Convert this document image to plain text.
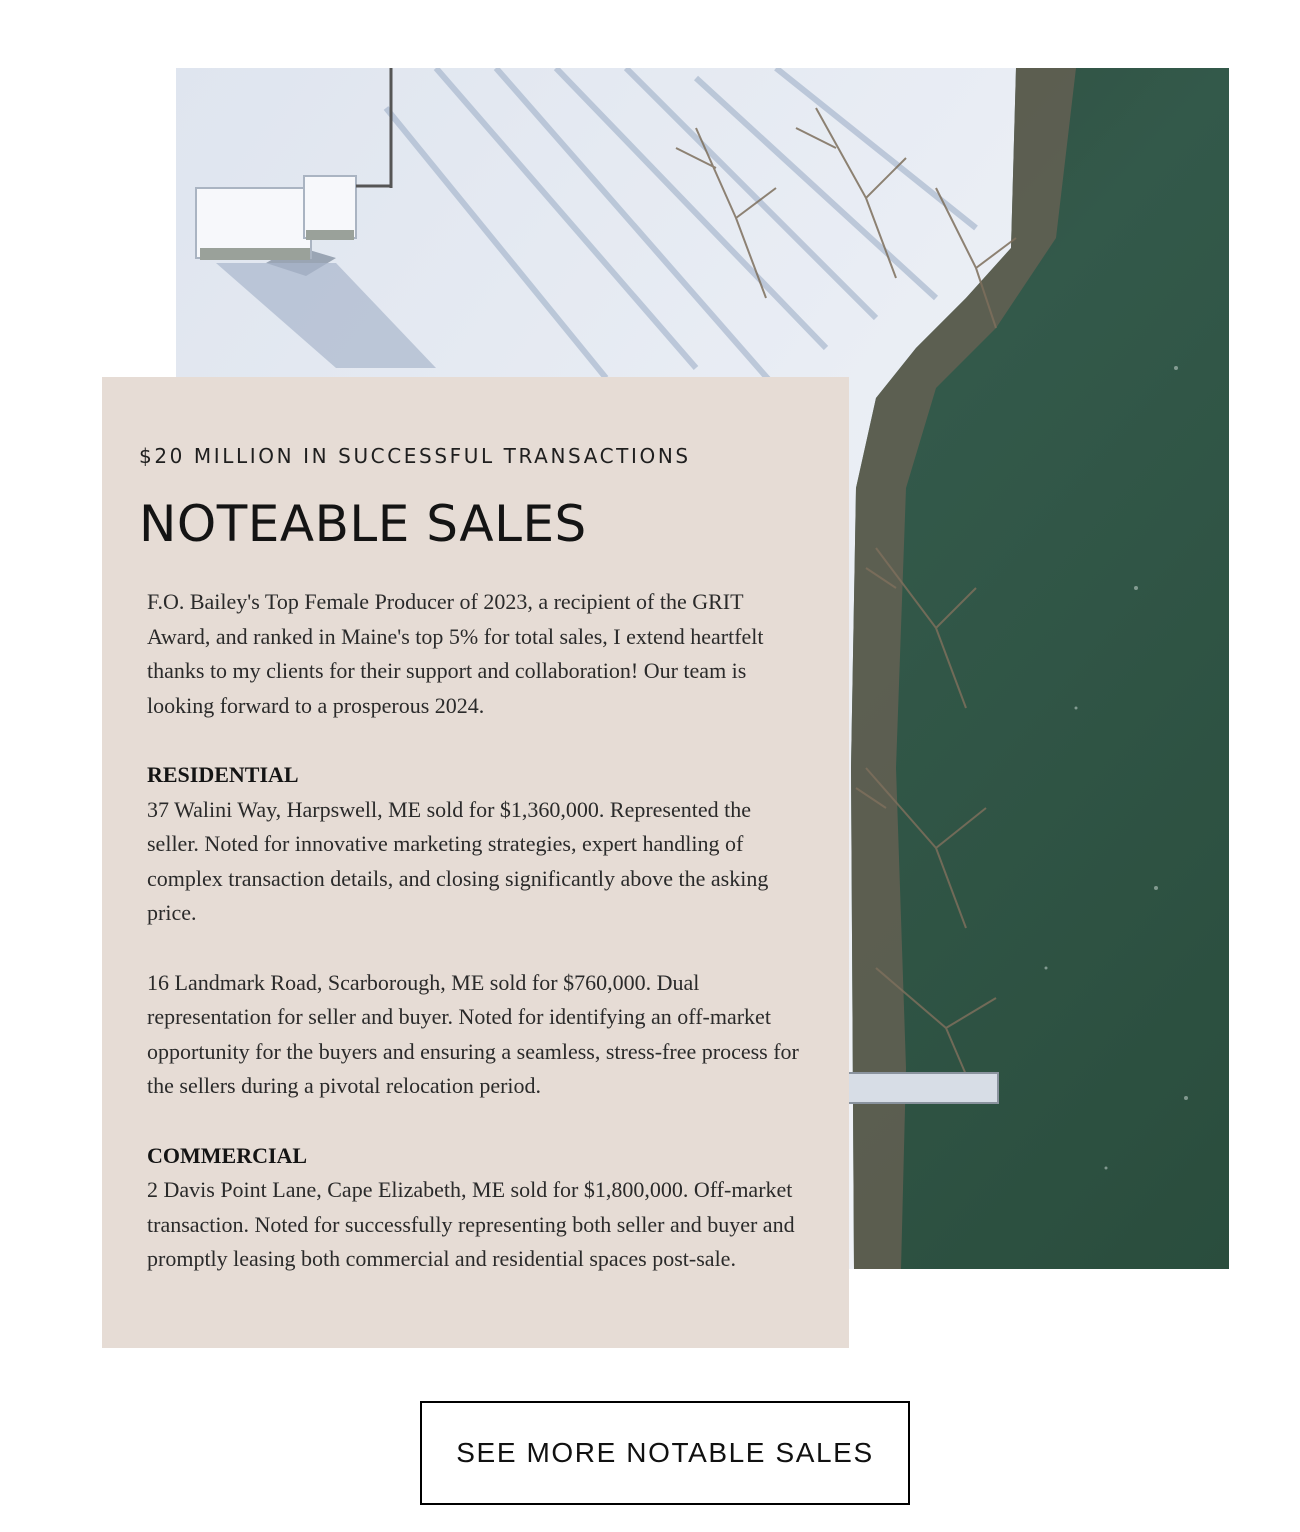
$20 MILLION IN SUCCESSFUL TRANSACTIONS
NOTEABLE SALES

F.O. Bailey's Top Female Producer of 2023, a recipient of the GRIT Award, and ranked in Maine's top 5% for total sales, I extend heartfelt thanks to my clients for their support and collaboration! Our team is looking forward to a prosperous 2024.

RESIDENTIAL

37 Walini Way, Harpswell, ME sold for $1,360,000. Represented the seller. Noted for innovative marketing strategies, expert handling of complex transaction details, and closing significantly above the asking price.

16 Landmark Road, Scarborough, ME sold for $760,000. Dual representation for seller and buyer. Noted for identifying an off-market opportunity for the buyers and ensuring a seamless, stress-free process for the sellers during a pivotal relocation period.

COMMERCIAL

2 Davis Point Lane, Cape Elizabeth, ME sold for $1,800,000. Off-market transaction. Noted for successfully representing both seller and buyer and promptly leasing both commercial and residential spaces post-sale.

SEE MORE NOTABLE SALES
